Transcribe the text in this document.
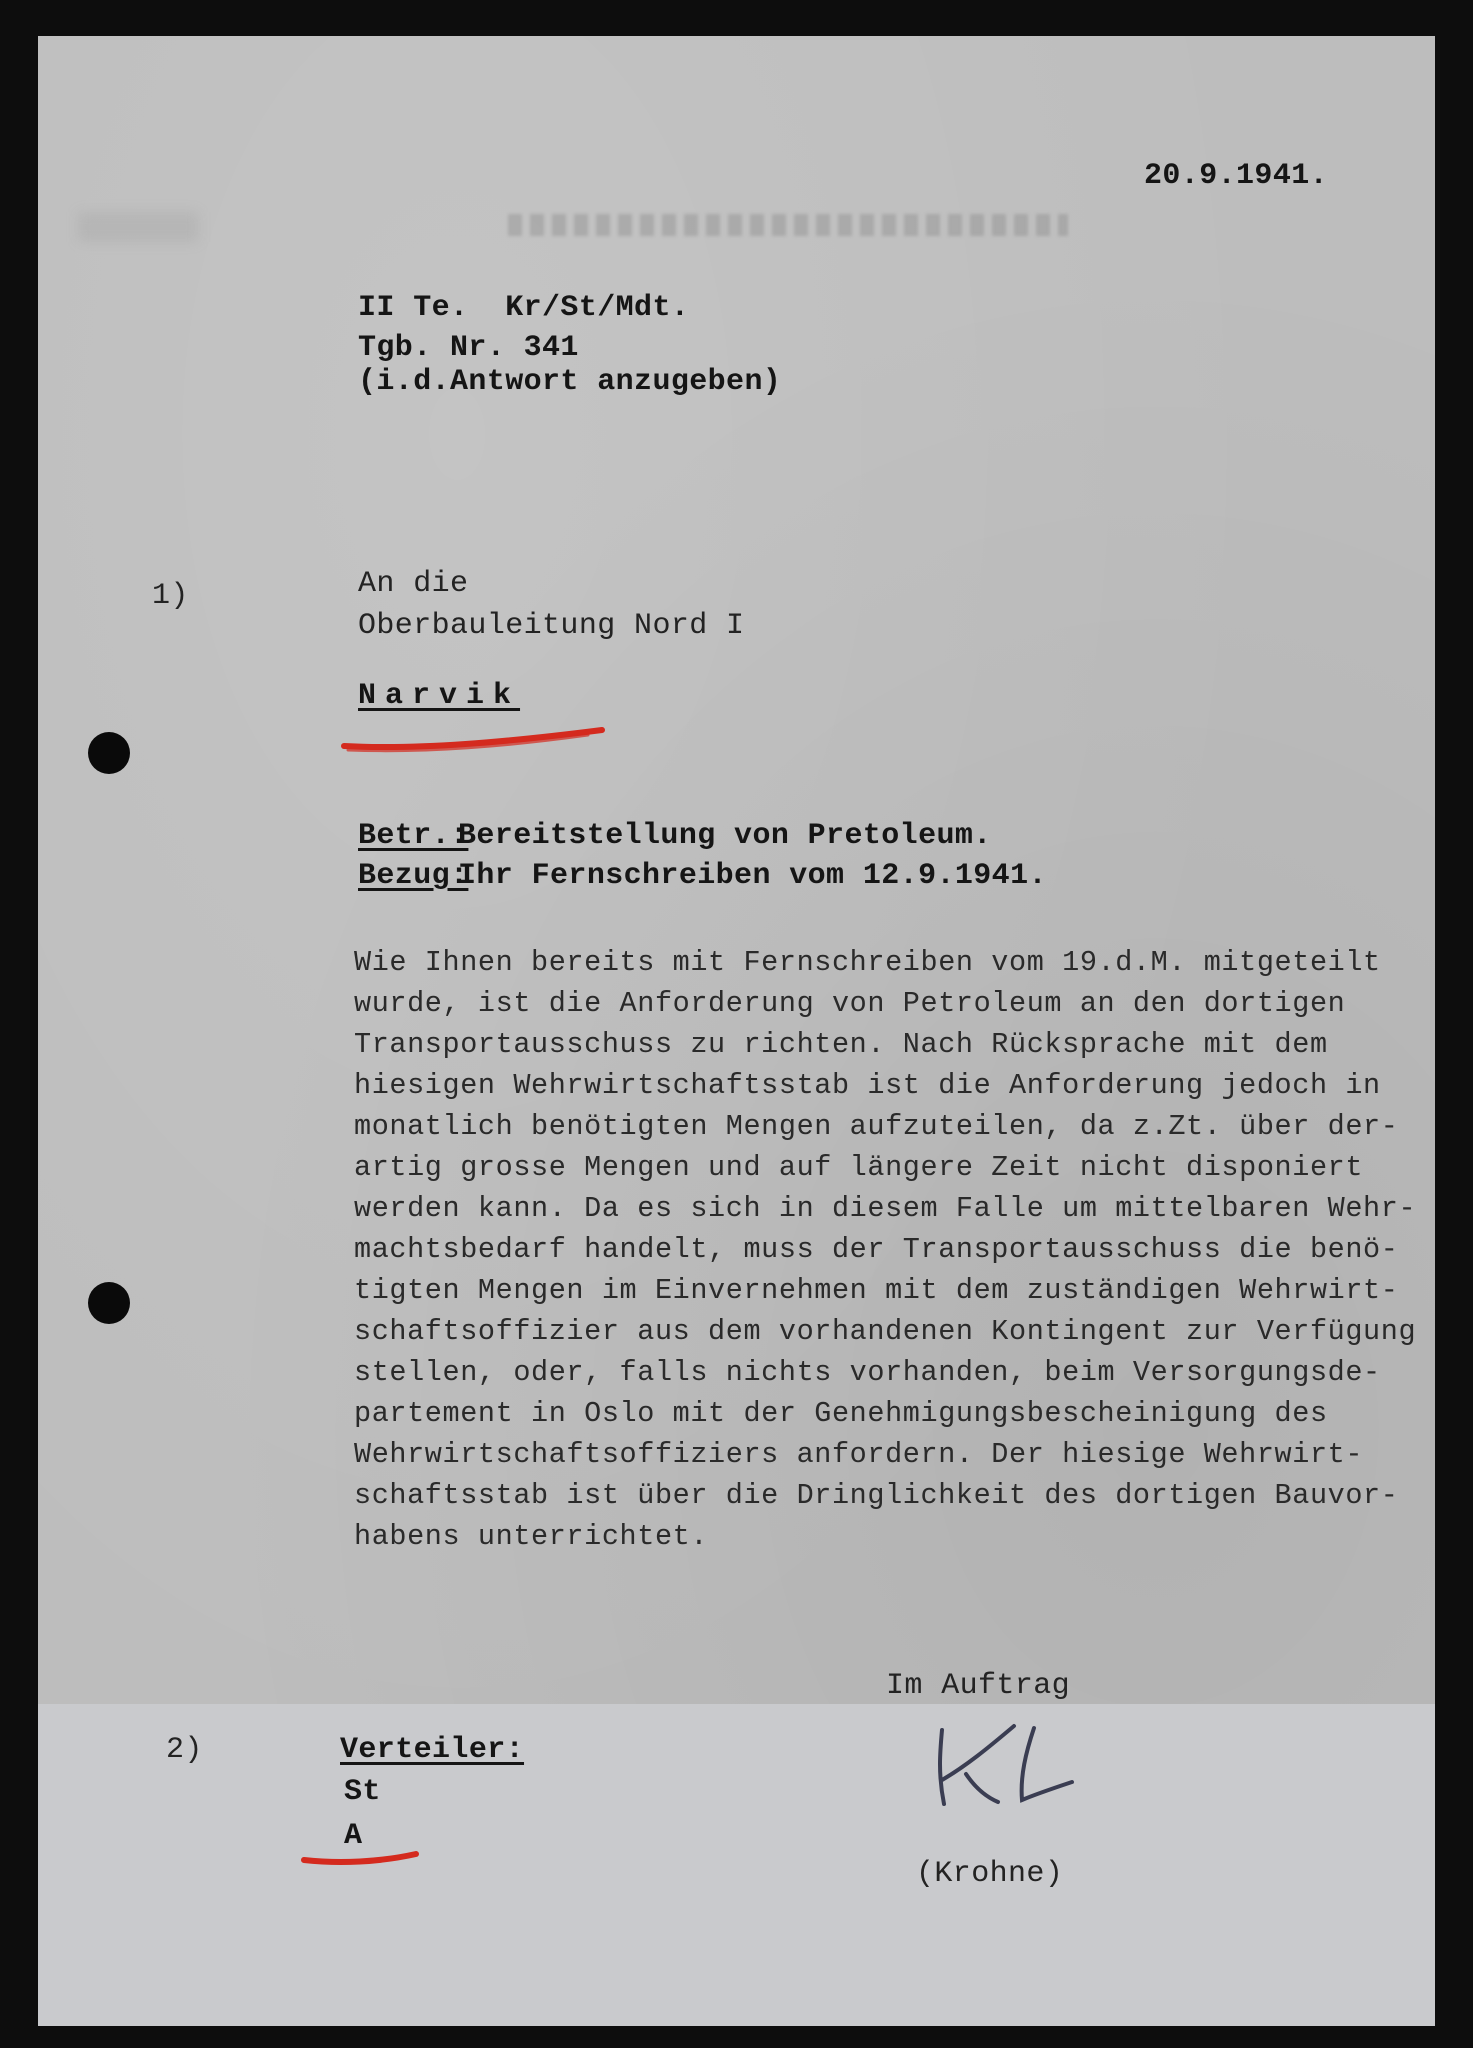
20.9.1941.
II Te.  Kr/St/Mdt.
Tgb. Nr. 341
(i.d.Antwort anzugeben)
1)	An die
Oberbauleitung Nord I
Narvik
Betr.:
Bereitstellung von Pretoleum.
Bezug:
Ihr Fernschreiben vom 12.9.1941.
Wie Ihnen bereits mit Fernschreiben vom 19.d.M. mitgeteilt
wurde, ist die Anforderung von Petroleum an den dortigen
Transportausschuss zu richten. Nach Rücksprache mit dem
hiesigen Wehrwirtschaftsstab ist die Anforderung jedoch in
monatlich benötigten Mengen aufzuteilen, da z.Zt. über der-
artig grosse Mengen und auf längere Zeit nicht disponiert
werden kann. Da es sich in diesem Falle um mittelbaren Wehr-
machtsbedarf handelt, muss der Transportausschuss die benö-
tigten Mengen im Einvernehmen mit dem zuständigen Wehrwirt-
schaftsoffizier aus dem vorhandenen Kontingent zur Verfügung
stellen, oder, falls nichts vorhanden, beim Versorgungsde-
partement in Oslo mit der Genehmigungsbescheinigung des
Wehrwirtschaftsoffiziers anfordern. Der hiesige Wehrwirt-
schaftsstab ist über die Dringlichkeit des dortigen Bauvor-
habens unterrichtet.
Im Auftrag
2)	Verteiler:
St
A
(Krohne)
